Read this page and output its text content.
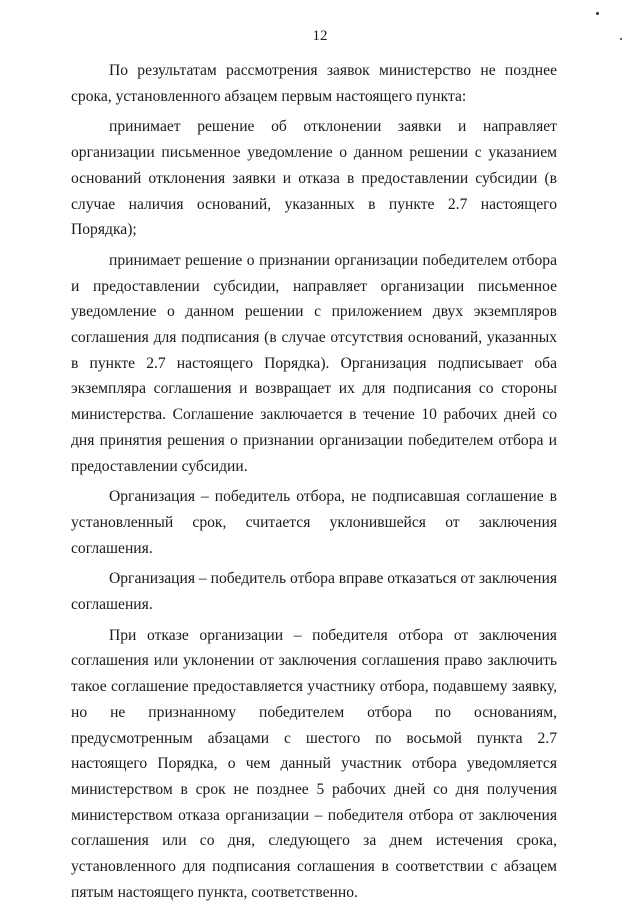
12

По результатам рассмотрения заявок министерство не позднее срока, установленного абзацем первым настоящего пункта:

принимает решение об отклонении заявки и направляет организации письменное уведомление о данном решении с указанием оснований отклонения заявки и отказа в предоставлении субсидии (в случае наличия оснований, указанных в пункте 2.7 настоящего Порядка);

принимает решение о признании организации победителем отбора и предоставлении субсидии, направляет организации письменное уведомление о данном решении с приложением двух экземпляров соглашения для подписания (в случае отсутствия оснований, указанных в пункте 2.7 настоящего Порядка). Организация подписывает оба экземпляра соглашения и возвращает их для подписания со стороны министерства. Соглашение заключается в течение 10 рабочих дней со дня принятия решения о признании организации победителем отбора и предоставлении субсидии.

Организация – победитель отбора, не подписавшая соглашение в установленный срок, считается уклонившейся от заключения соглашения.

Организация – победитель отбора вправе отказаться от заключения соглашения.

При отказе организации – победителя отбора от заключения соглашения или уклонении от заключения соглашения право заключить такое соглашение предоставляется участнику отбора, подавшему заявку, но не признанному победителем отбора по основаниям, предусмотренным абзацами с шестого по восьмой пункта 2.7 настоящего Порядка, о чем данный участник отбора уведомляется министерством в срок не позднее 5 рабочих дней со дня получения министерством отказа организации – победителя отбора от заключения соглашения или со дня, следующего за днем истечения срока, установленного для подписания соглашения в соответствии с абзацем пятым настоящего пункта, соответственно.
